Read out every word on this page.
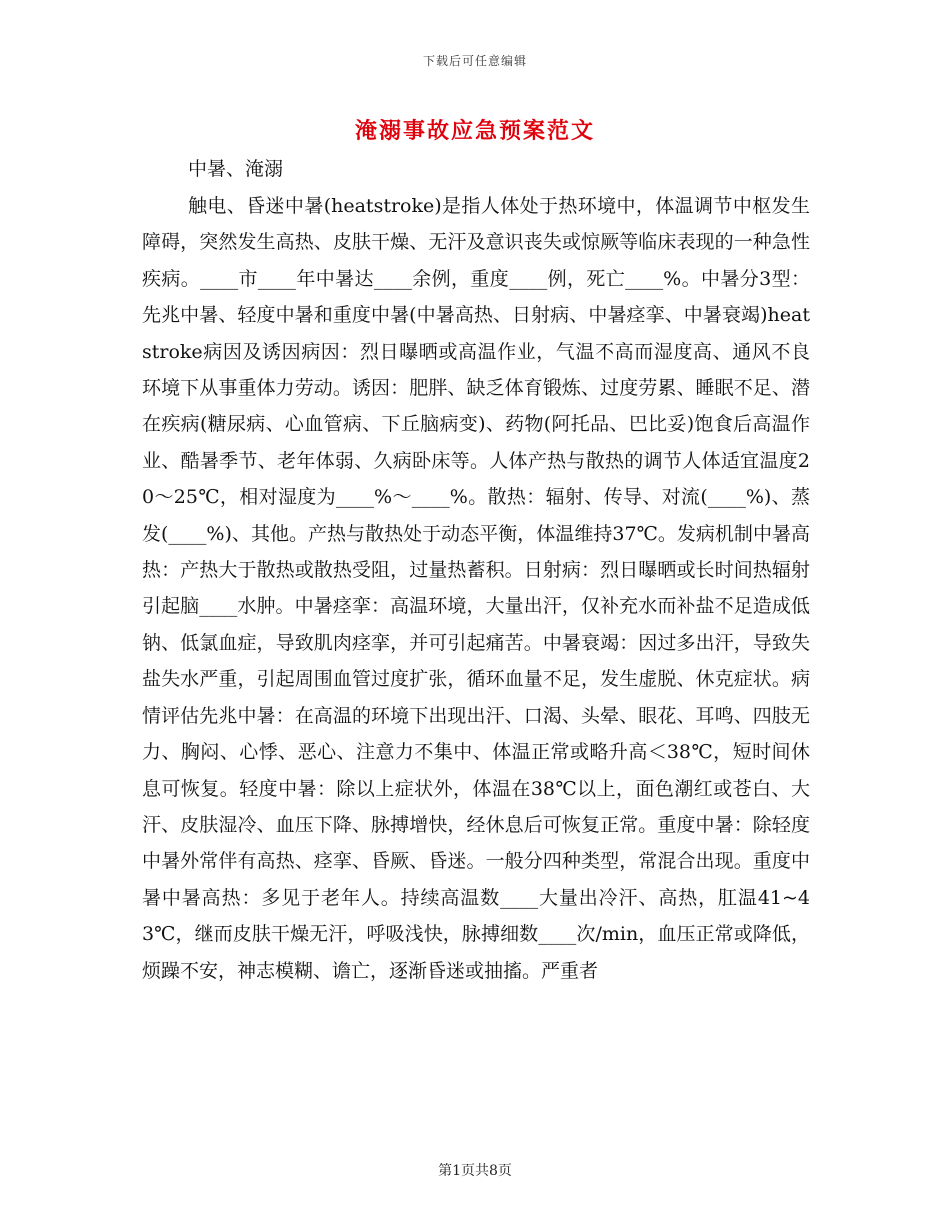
下载后可任意编辑
淹溺事故应急预案范文
中暑、淹溺

触电、昏迷中暑(heatstroke)是指人体处于热环境中，体温调节中枢发生障碍，突然发生高热、皮肤干燥、无汗及意识丧失或惊厥等临床表现的一种急性疾病。____市____年中暑达____余例，重度____例，死亡____%。中暑分3型：先兆中暑、轻度中暑和重度中暑(中暑高热、日射病、中暑痉挛、中暑衰竭)heatstroke病因及诱因病因：烈日曝晒或高温作业，气温不高而湿度高、通风不良环境下从事重体力劳动。诱因：肥胖、缺乏体育锻炼、过度劳累、睡眠不足、潜在疾病(糖尿病、心血管病、下丘脑病变)、药物(阿托品、巴比妥)饱食后高温作业、酷暑季节、老年体弱、久病卧床等。人体产热与散热的调节人体适宜温度20～25℃，相对湿度为____%～____%。散热：辐射、传导、对流(____%)、蒸发(____%)、其他。产热与散热处于动态平衡，体温维持37℃。发病机制中暑高热：产热大于散热或散热受阻，过量热蓄积。日射病：烈日曝晒或长时间热辐射引起脑____水肿。中暑痉挛：高温环境，大量出汗，仅补充水而补盐不足造成低钠、低氯血症，导致肌肉痉挛，并可引起痛苦。中暑衰竭：因过多出汗，导致失盐失水严重，引起周围血管过度扩张，循环血量不足，发生虚脱、休克症状。病情评估先兆中暑：在高温的环境下出现出汗、口渴、头晕、眼花、耳鸣、四肢无力、胸闷、心悸、恶心、注意力不集中、体温正常或略升高＜38℃，短时间休息可恢复。轻度中暑：除以上症状外，体温在38℃以上，面色潮红或苍白、大汗、皮肤湿冷、血压下降、脉搏增快，经休息后可恢复正常。重度中暑：除轻度中暑外常伴有高热、痉挛、昏厥、昏迷。一般分四种类型，常混合出现。重度中暑中暑高热：多见于老年人。持续高温数____大量出冷汗、高热，肛温41~43℃，继而皮肤干燥无汗，呼吸浅快，脉搏细数____次/min，血压正常或降低，烦躁不安，神志模糊、谵亡，逐渐昏迷或抽搐。严重者

第1页共8页
